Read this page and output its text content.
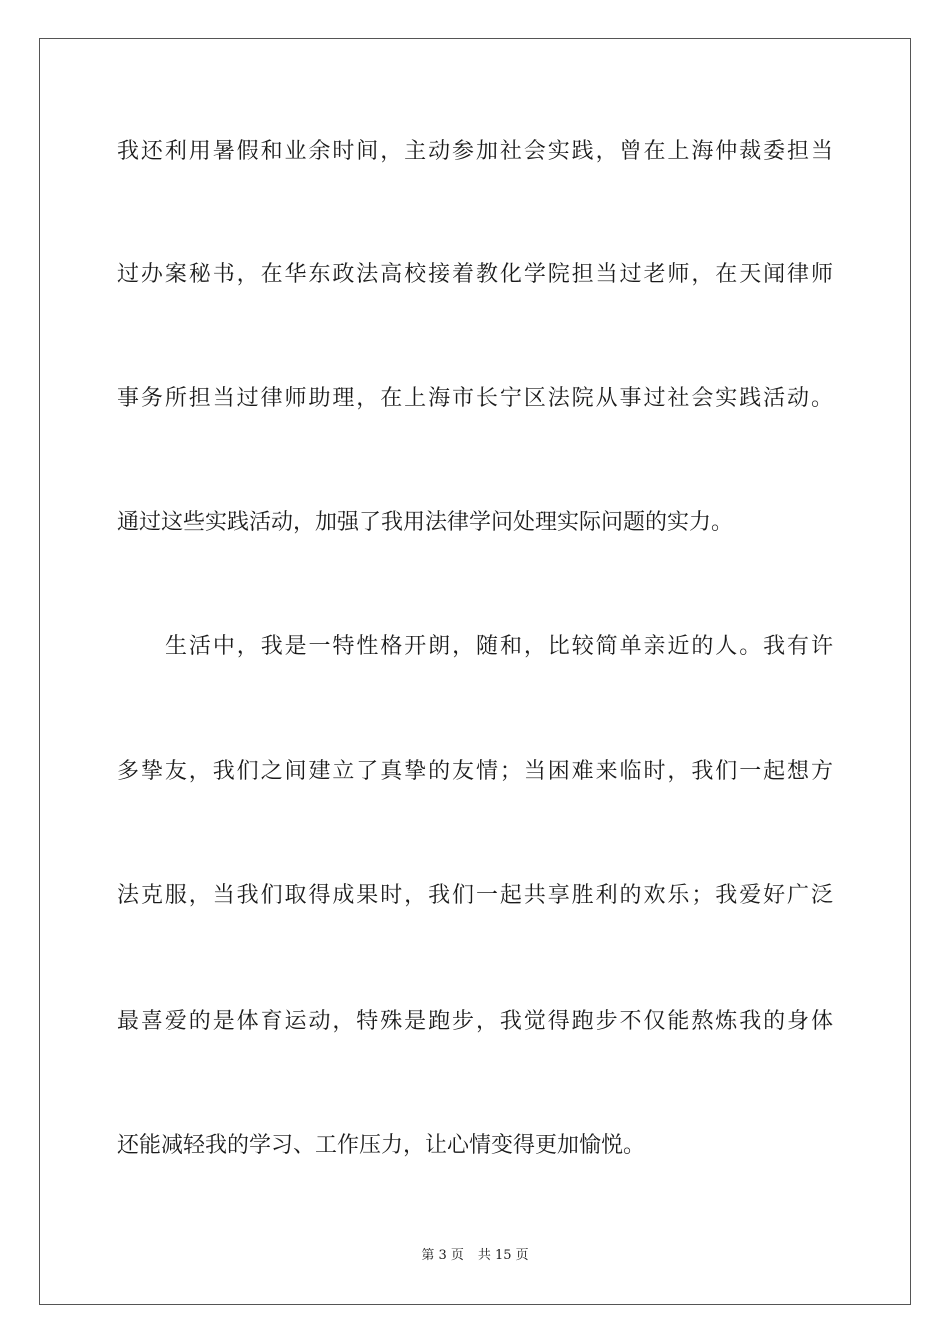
我还利用暑假和业余时间，主动参加社会实践，曾在上海仲裁委担当
过办案秘书，在华东政法高校接着教化学院担当过老师，在天闻律师
事务所担当过律师助理，在上海市长宁区法院从事过社会实践活动。
通过这些实践活动，加强了我用法律学问处理实际问题的实力。
生活中，我是一特性格开朗，随和，比较简单亲近的人。我有许
多挚友，我们之间建立了真挚的友情；当困难来临时，我们一起想方
法克服，当我们取得成果时，我们一起共享胜利的欢乐；我爱好广泛
最喜爱的是体育运动，特殊是跑步，我觉得跑步不仅能熬炼我的身体
还能减轻我的学习、工作压力，让心情变得更加愉悦。
第 3 页 共 15 页
